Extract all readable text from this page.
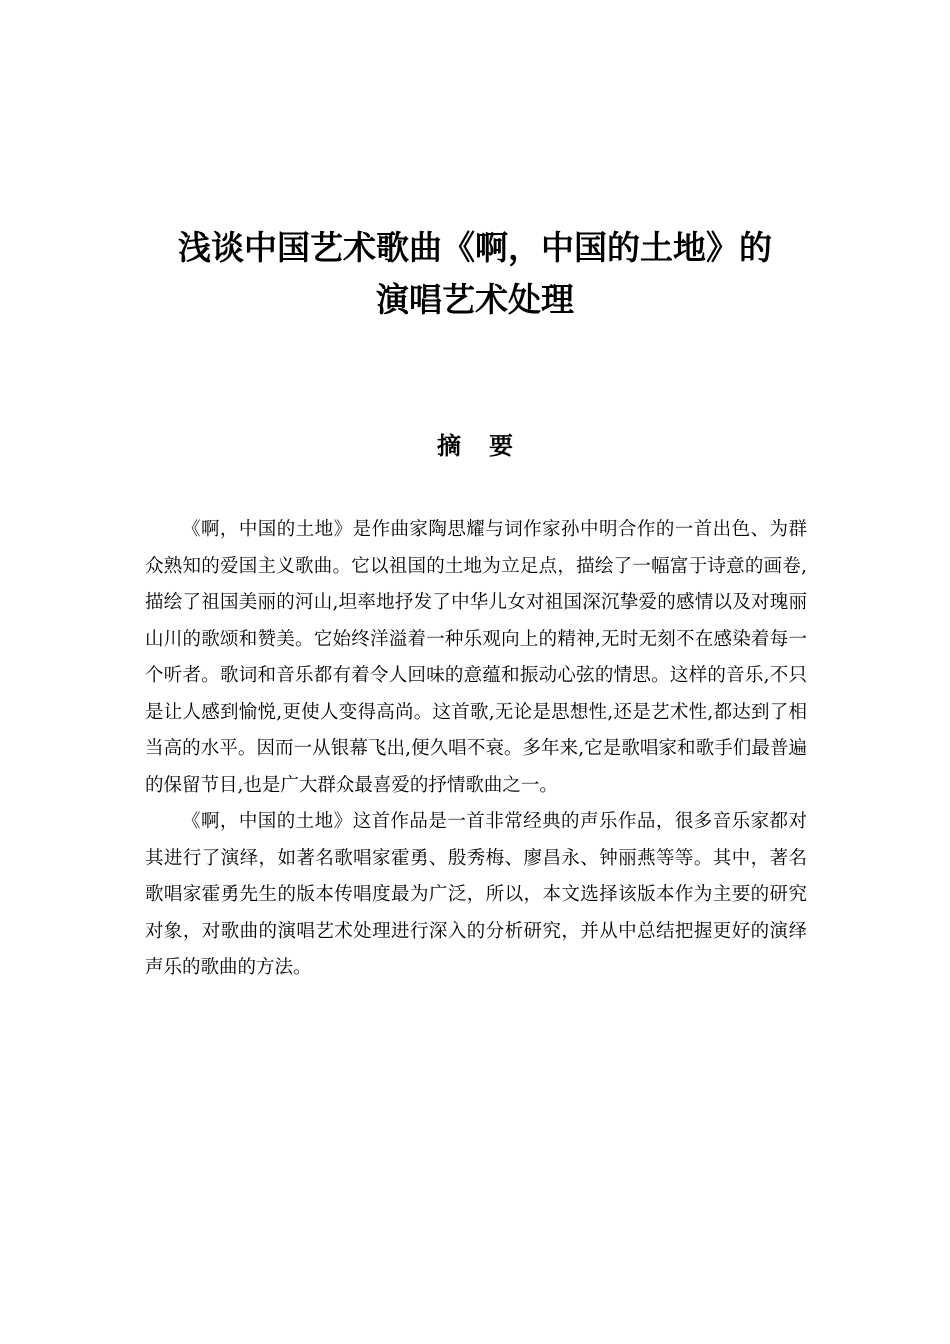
浅谈中国艺术歌曲《啊，中国的土地》的
演唱艺术处理
摘要

《啊，中国的土地》是作曲家陶思耀与词作家孙中明合作的一首出色、为群众熟知的爱国主义歌曲。它以祖国的土地为立足点，描绘了一幅富于诗意的画卷,描绘了祖国美丽的河山,坦率地抒发了中华儿女对祖国深沉挚爱的感情以及对瑰丽山川的歌颂和赞美。它始终洋溢着一种乐观向上的精神,无时无刻不在感染着每一个听者。歌词和音乐都有着令人回味的意蕴和振动心弦的情思。这样的音乐,不只是让人感到愉悦,更使人变得高尚。这首歌,无论是思想性,还是艺术性,都达到了相当高的水平。因而一从银幕飞出,便久唱不衰。多年来,它是歌唱家和歌手们最普遍的保留节目,也是广大群众最喜爱的抒情歌曲之一。

《啊，中国的土地》这首作品是一首非常经典的声乐作品，很多音乐家都对其进行了演绎，如著名歌唱家霍勇、殷秀梅、廖昌永、钟丽燕等等。其中，著名歌唱家霍勇先生的版本传唱度最为广泛，所以，本文选择该版本作为主要的研究对象，对歌曲的演唱艺术处理进行深入的分析研究，并从中总结把握更好的演绎声乐的歌曲的方法。
